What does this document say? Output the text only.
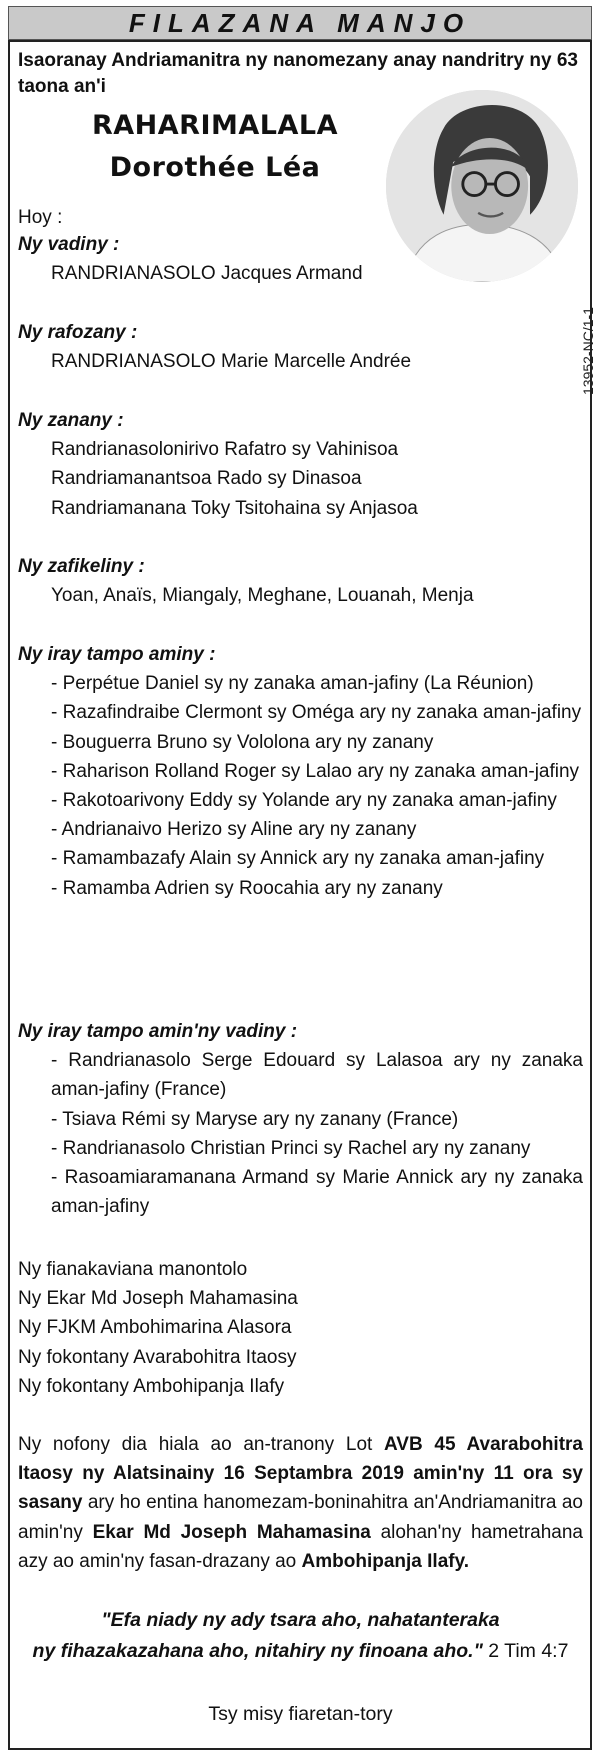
FILAZANA MANJO
Isaoranay Andriamanitra ny nanomezany anay nandritry ny 63 taona an'i
RAHARIMALALA
Dorothée Léa
13952-NC/1-1
Hoy :
Ny vadiny :
RANDRIANASOLO Jacques Armand
Ny rafozany :
RANDRIANASOLO Marie Marcelle Andrée
Ny zanany :
Randrianasolonirivo Rafatro sy Vahinisoa
Randriamanantsoa Rado sy Dinasoa
Randriamanana Toky Tsitohaina sy Anjasoa
Ny zafikeliny :
Yoan, Anaïs, Miangaly, Meghane, Louanah, Menja
Ny iray tampo aminy :
- Perpétue Daniel sy ny zanaka aman-jafiny (La Réunion)
- Razafindraibe Clermont sy Oméga ary ny zanaka aman-jafiny
- Bouguerra Bruno sy Vololona ary ny zanany
- Raharison Rolland Roger sy Lalao ary ny zanaka aman-jafiny
- Rakotoarivony Eddy sy Yolande ary ny zanaka aman-jafiny
- Andrianaivo Herizo sy Aline ary ny zanany
- Ramambazafy Alain sy Annick ary ny zanaka aman-jafiny
- Ramamba Adrien sy Roocahia ary ny zanany
Ny iray tampo amin'ny vadiny :
- Randrianasolo Serge Edouard sy Lalasoa ary ny zanaka aman-jafiny (France)
- Tsiava Rémi sy Maryse ary ny zanany (France)
- Randrianasolo Christian Princi sy Rachel ary ny zanany
- Rasoamiaramanana Armand sy Marie Annick ary ny zanaka aman-jafiny
Ny fianakaviana manontolo
Ny Ekar Md Joseph Mahamasina
Ny FJKM Ambohimarina Alasora
Ny fokontany Avarabohitra Itaosy
Ny fokontany Ambohipanja Ilafy
Ny nofony dia hiala ao an-tranony Lot AVB 45 Avarabohitra Itaosy ny Alatsinainy 16 Septambra 2019 amin'ny 11 ora sy sasany ary ho entina hanomezam-boninahitra an'Andriamanitra ao amin'ny Ekar Md Joseph Mahamasina alohan'ny hametrahana azy ao amin'ny fasan-drazany ao Ambohipanja Ilafy.
"Efa niady ny ady tsara aho, nahatanteraka
ny fihazakazahana aho, nitahiry ny finoana aho." 2 Tim 4:7
Tsy misy fiaretan-tory
